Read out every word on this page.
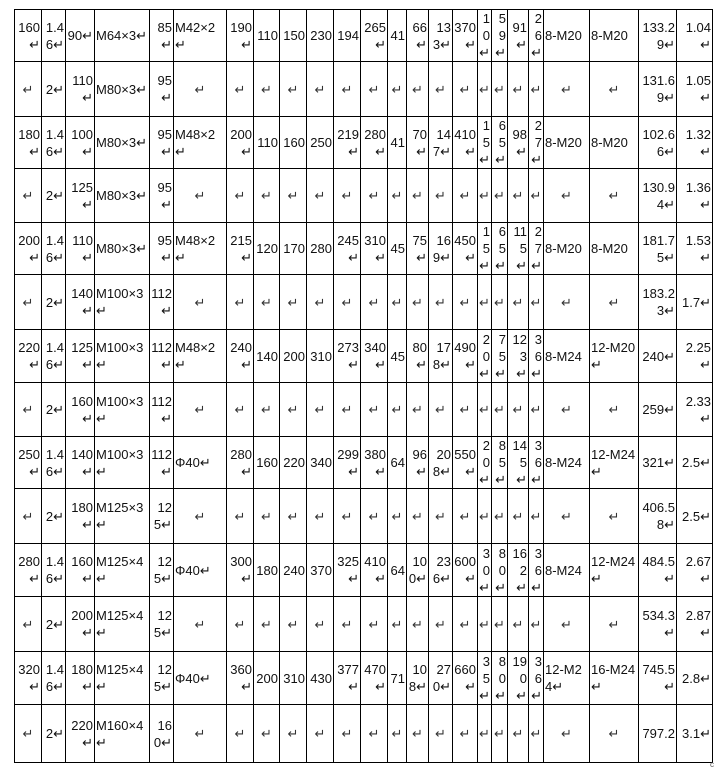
160↵	1.46↵	90↵	M64×3↵	85↵	M42×2↵	190↵	110	150	230	194	265↵	41	66↵	133↵	370↵	10↵	59↵	91↵	26↵	8-M20	8-M20	133.29↵	1.04↵
↵	2↵	110↵	M80×3↵	95↵	↵	↵	↵	↵	↵	↵	↵	↵	↵	↵	↵	↵	↵	↵	↵	↵	↵	131.69↵	1.05↵
180↵	1.46↵	100↵	M80×3↵	95↵	M48×2↵	200↵	110	160	250	219↵	280↵	41	70↵	147↵	410↵	15↵	65↵	98↵	27↵	8-M20	8-M20	102.66↵	1.32↵
↵	2↵	125↵	M80×3↵	95↵	↵	↵	↵	↵	↵	↵	↵	↵	↵	↵	↵	↵	↵	↵	↵	↵	↵	130.94↵	1.36↵
200↵	1.46↵	110↵	M80×3↵	95↵	M48×2↵	215↵	120	170	280	245↵	310↵	45	75↵	169↵	450↵	15↵	65↵	115↵	27↵	8-M20	8-M20	181.75↵	1.53↵
↵	2↵	140↵	M100×3↵	112↵	↵	↵	↵	↵	↵	↵	↵	↵	↵	↵	↵	↵	↵	↵	↵	↵	↵	183.23↵	1.7↵
220↵	1.46↵	125↵	M100×3↵	112↵	M48×2↵	240↵	140	200	310	273↵	340↵	45	80↵	178↵	490↵	20↵	75↵	123↵	36↵	8-M24	12-M20↵	240↵	2.25↵
↵	2↵	160↵	M100×3↵	112↵	↵	↵	↵	↵	↵	↵	↵	↵	↵	↵	↵	↵	↵	↵	↵	↵	↵	259↵	2.33↵
250↵	1.46↵	140↵	M100×3↵	112↵	Φ40↵	280↵	160	220	340	299↵	380↵	64	96↵	208↵	550↵	20↵	85↵	145↵	36↵	8-M24	12-M24↵	321↵	2.5↵
↵	2↵	180↵	M125×3↵	125↵	↵	↵	↵	↵	↵	↵	↵	↵	↵	↵	↵	↵	↵	↵	↵	↵	↵	406.58↵	2.5↵
280↵	1.46↵	160↵	M125×4↵	125↵	Φ40↵	300↵	180	240	370	325↵	410↵	64	100↵	236↵	600↵	30↵	80↵	162↵	36↵	8-M24	12-M24↵	484.5↵	2.67↵
↵	2↵	200↵	M125×4↵	125↵	↵	↵	↵	↵	↵	↵	↵	↵	↵	↵	↵	↵	↵	↵	↵	↵	↵	534.3↵	2.87↵
320↵	1.46↵	180↵	M125×4↵	125↵	Φ40↵	360↵	200	310	430	377↵	470↵	71	108↵	270↵	660↵	35↵	80↵	190↵	36↵	12-M24↵	16-M24↵	745.5↵	2.8↵
↵	2↵	220↵	M160×4↵	160↵	↵	↵	↵	↵	↵	↵	↵	↵	↵	↵	↵	↵	↵	↵	↵	↵	↵	797.2	3.1↵
c
